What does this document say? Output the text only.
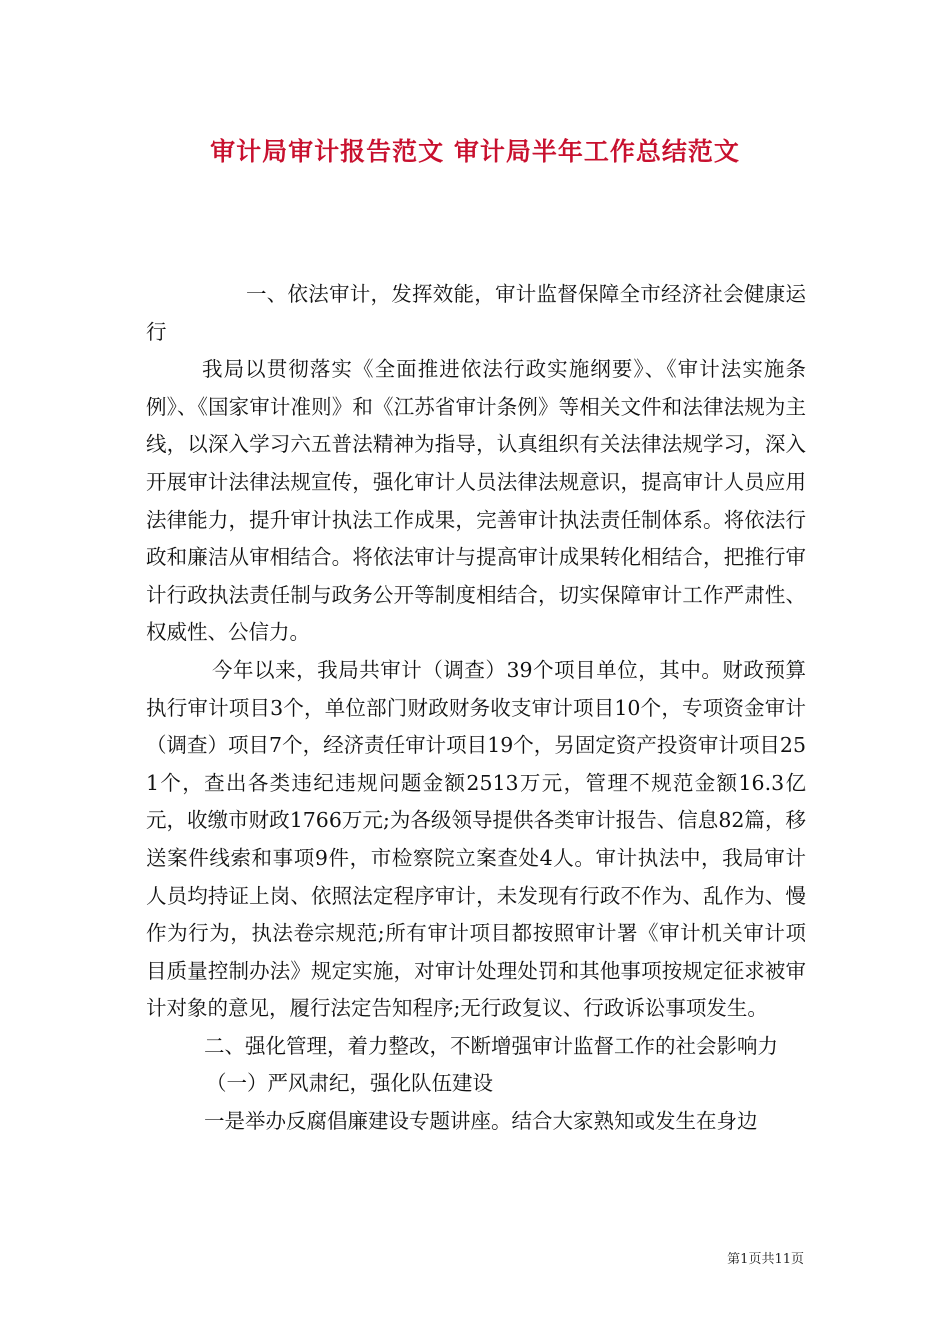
审计局审计报告范文 审计局半年工作总结范文

一、依法审计，发挥效能，审计监督保障全市经济社会健康运行

我局以贯彻落实《全面推进依法行政实施纲要》、《审计法实施条例》、《国家审计准则》和《江苏省审计条例》等相关文件和法律法规为主线，以深入学习六五普法精神为指导，认真组织有关法律法规学习，深入开展审计法律法规宣传，强化审计人员法律法规意识，提高审计人员应用法律能力，提升审计执法工作成果，完善审计执法责任制体系。将依法行政和廉洁从审相结合。将依法审计与提高审计成果转化相结合，把推行审计行政执法责任制与政务公开等制度相结合，切实保障审计工作严肃性、权威性、公信力。

今年以来，我局共审计（调查）39个项目单位，其中。财政预算执行审计项目3个，单位部门财政财务收支审计项目10个，专项资金审计（调查）项目7个，经济责任审计项目19个，另固定资产投资审计项目251个，查出各类违纪违规问题金额2513万元，管理不规范金额16.3亿元，收缴市财政1766万元;为各级领导提供各类审计报告、信息82篇，移送案件线索和事项9件，市检察院立案查处4人。审计执法中，我局审计人员均持证上岗、依照法定程序审计，未发现有行政不作为、乱作为、慢作为行为，执法卷宗规范;所有审计项目都按照审计署《审计机关审计项目质量控制办法》规定实施，对审计处理处罚和其他事项按规定征求被审计对象的意见，履行法定告知程序;无行政复议、行政诉讼事项发生。

二、强化管理，着力整改，不断增强审计监督工作的社会影响力

（一）严风肃纪，强化队伍建设

一是举办反腐倡廉建设专题讲座。结合大家熟知或发生在身边

第1页共11页
